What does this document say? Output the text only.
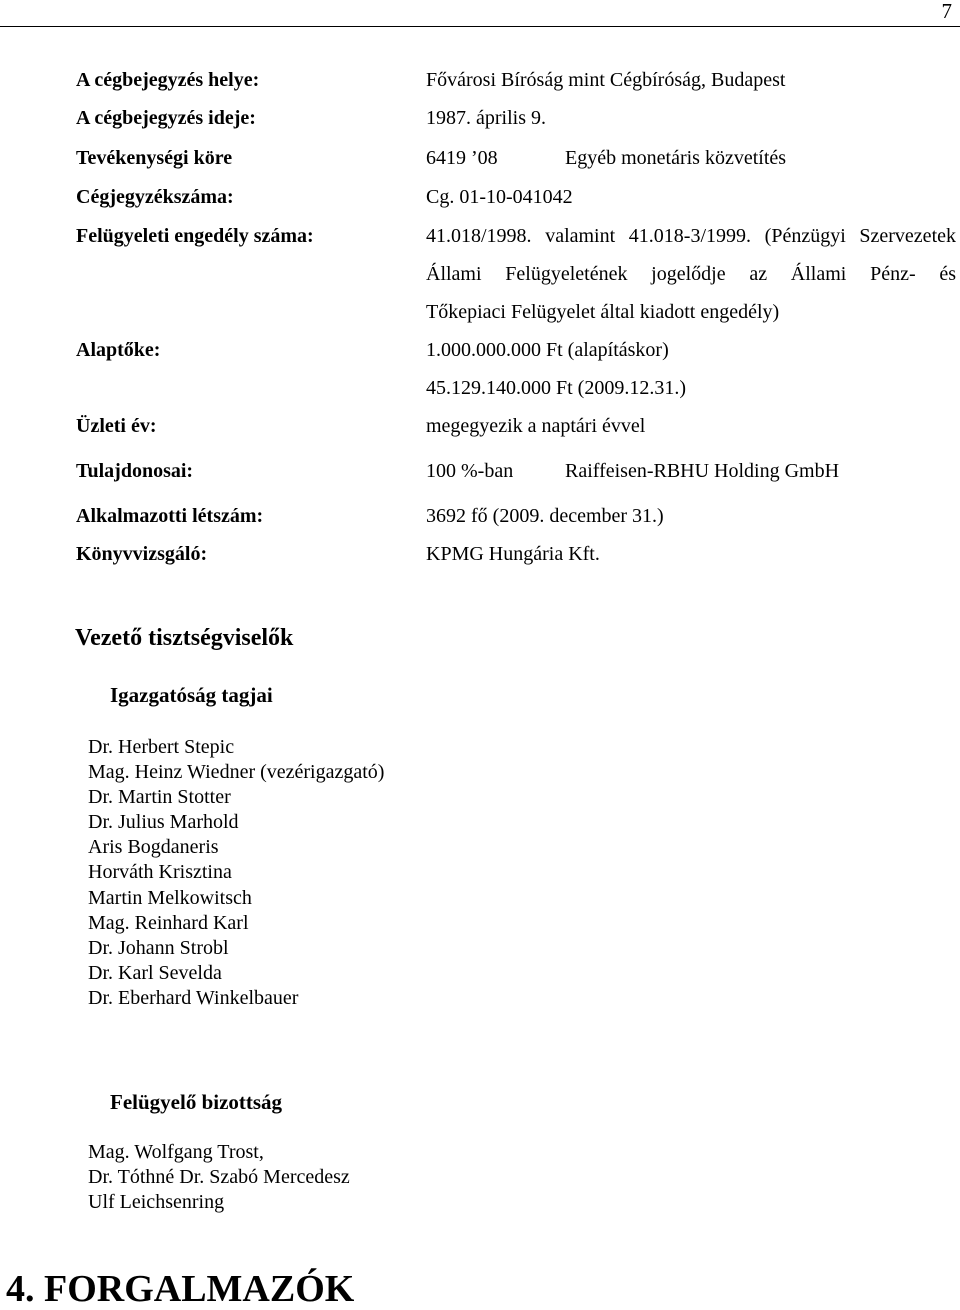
7
A cégbejegyzés helye:	Fővárosi Bíróság mint Cégbíróság, Budapest
A cégbejegyzés ideje:	1987. április 9.
Tevékenységi köre	6419 ’08	Egyéb monetáris közvetítés
Cégjegyzékszáma:	Cg. 01-10-041042
Felügyeleti engedély száma:	41.018/1998. valamint 41.018-3/1999. (Pénzügyi Szervezetek
Állami Felügyeletének jogelődje az Állami Pénz- és
Tőkepiaci Felügyelet által kiadott engedély)
Alaptőke:	1.000.000.000 Ft (alapításkor)
45.129.140.000 Ft (2009.12.31.)
Üzleti év:	megegyezik a naptári évvel
Tulajdonosai:	100 %-ban	Raiffeisen-RBHU Holding GmbH
Alkalmazotti létszám:	3692 fő (2009. december 31.)
Könyvvizsgáló:	KPMG Hungária Kft.
Vezető tisztségviselők
Igazgatóság tagjai
Dr. Herbert Stepic
Mag. Heinz Wiedner (vezérigazgató)
Dr. Martin Stotter
Dr. Julius Marhold
Aris Bogdaneris
Horváth Krisztina
Martin Melkowitsch
Mag. Reinhard Karl
Dr. Johann Strobl
Dr. Karl Sevelda
Dr. Eberhard Winkelbauer
Felügyelő bizottság
Mag. Wolfgang Trost,
Dr. Tóthné Dr. Szabó Mercedesz
Ulf Leichsenring
4. FORGALMAZÓK
